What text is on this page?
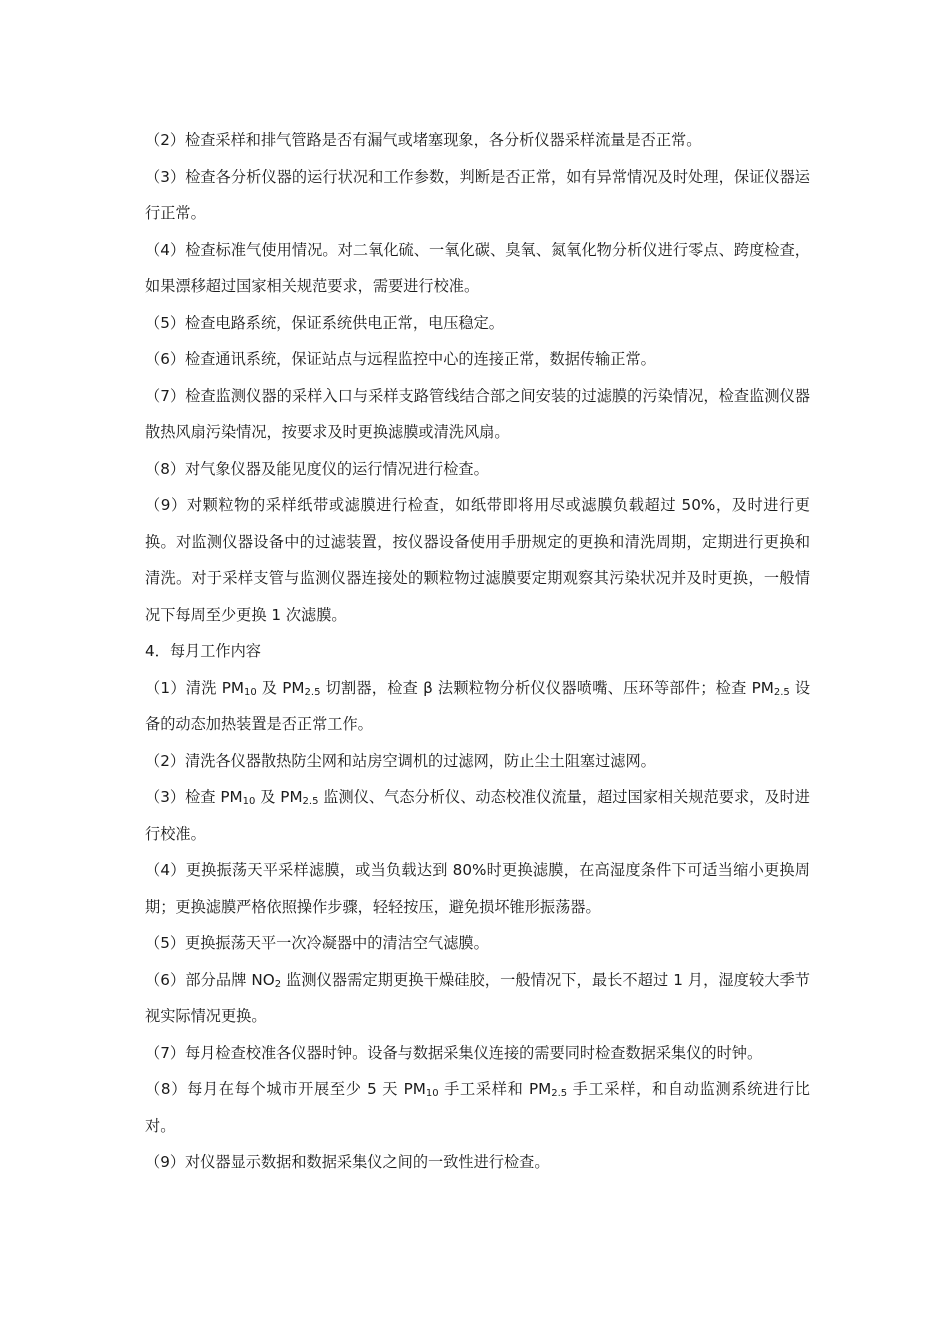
（2）检查采样和排气管路是否有漏气或堵塞现象，各分析仪器采样流量是否正常。

（3）检查各分析仪器的运行状况和工作参数，判断是否正常，如有异常情况及时处理，保证仪器运行正常。

（4）检查标准气使用情况。对二氧化硫、一氧化碳、臭氧、氮氧化物分析仪进行零点、跨度检查，如果漂移超过国家相关规范要求，需要进行校准。

（5）检查电路系统，保证系统供电正常，电压稳定。

（6）检查通讯系统，保证站点与远程监控中心的连接正常，数据传输正常。

（7）检查监测仪器的采样入口与采样支路管线结合部之间安装的过滤膜的污染情况，检查监测仪器散热风扇污染情况，按要求及时更换滤膜或清洗风扇。

（8）对气象仪器及能见度仪的运行情况进行检查。

（9）对颗粒物的采样纸带或滤膜进行检查，如纸带即将用尽或滤膜负载超过 50%，及时进行更换。对监测仪器设备中的过滤装置，按仪器设备使用手册规定的更换和清洗周期，定期进行更换和清洗。对于采样支管与监测仪器连接处的颗粒物过滤膜要定期观察其污染状况并及时更换，一般情况下每周至少更换 1 次滤膜。

4．每月工作内容

（1）清洗 $PM_{10}$ 及 $PM_{2.5}$ 切割器，检查 β 法颗粒物分析仪仪器喷嘴、压环等部件；检查 $PM_{2.5}$ 设备的动态加热装置是否正常工作。

（2）清洗各仪器散热防尘网和站房空调机的过滤网，防止尘土阻塞过滤网。

（3）检查 $PM_{10}$ 及 $PM_{2.5}$ 监测仪、气态分析仪、动态校准仪流量，超过国家相关规范要求，及时进行校准。

（4）更换振荡天平采样滤膜，或当负载达到 80%时更换滤膜，在高湿度条件下可适当缩小更换周期；更换滤膜严格依照操作步骤，轻轻按压，避免损坏锥形振荡器。

（5）更换振荡天平一次冷凝器中的清洁空气滤膜。

（6）部分品牌 $NO_2$ 监测仪器需定期更换干燥硅胶，一般情况下，最长不超过 1 月，湿度较大季节视实际情况更换。

（7）每月检查校准各仪器时钟。设备与数据采集仪连接的需要同时检查数据采集仪的时钟。

（8）每月在每个城市开展至少 5 天 $PM_{10}$ 手工采样和 $PM_{2.5}$ 手工采样，和自动监测系统进行比对。

（9）对仪器显示数据和数据采集仪之间的一致性进行检查。
